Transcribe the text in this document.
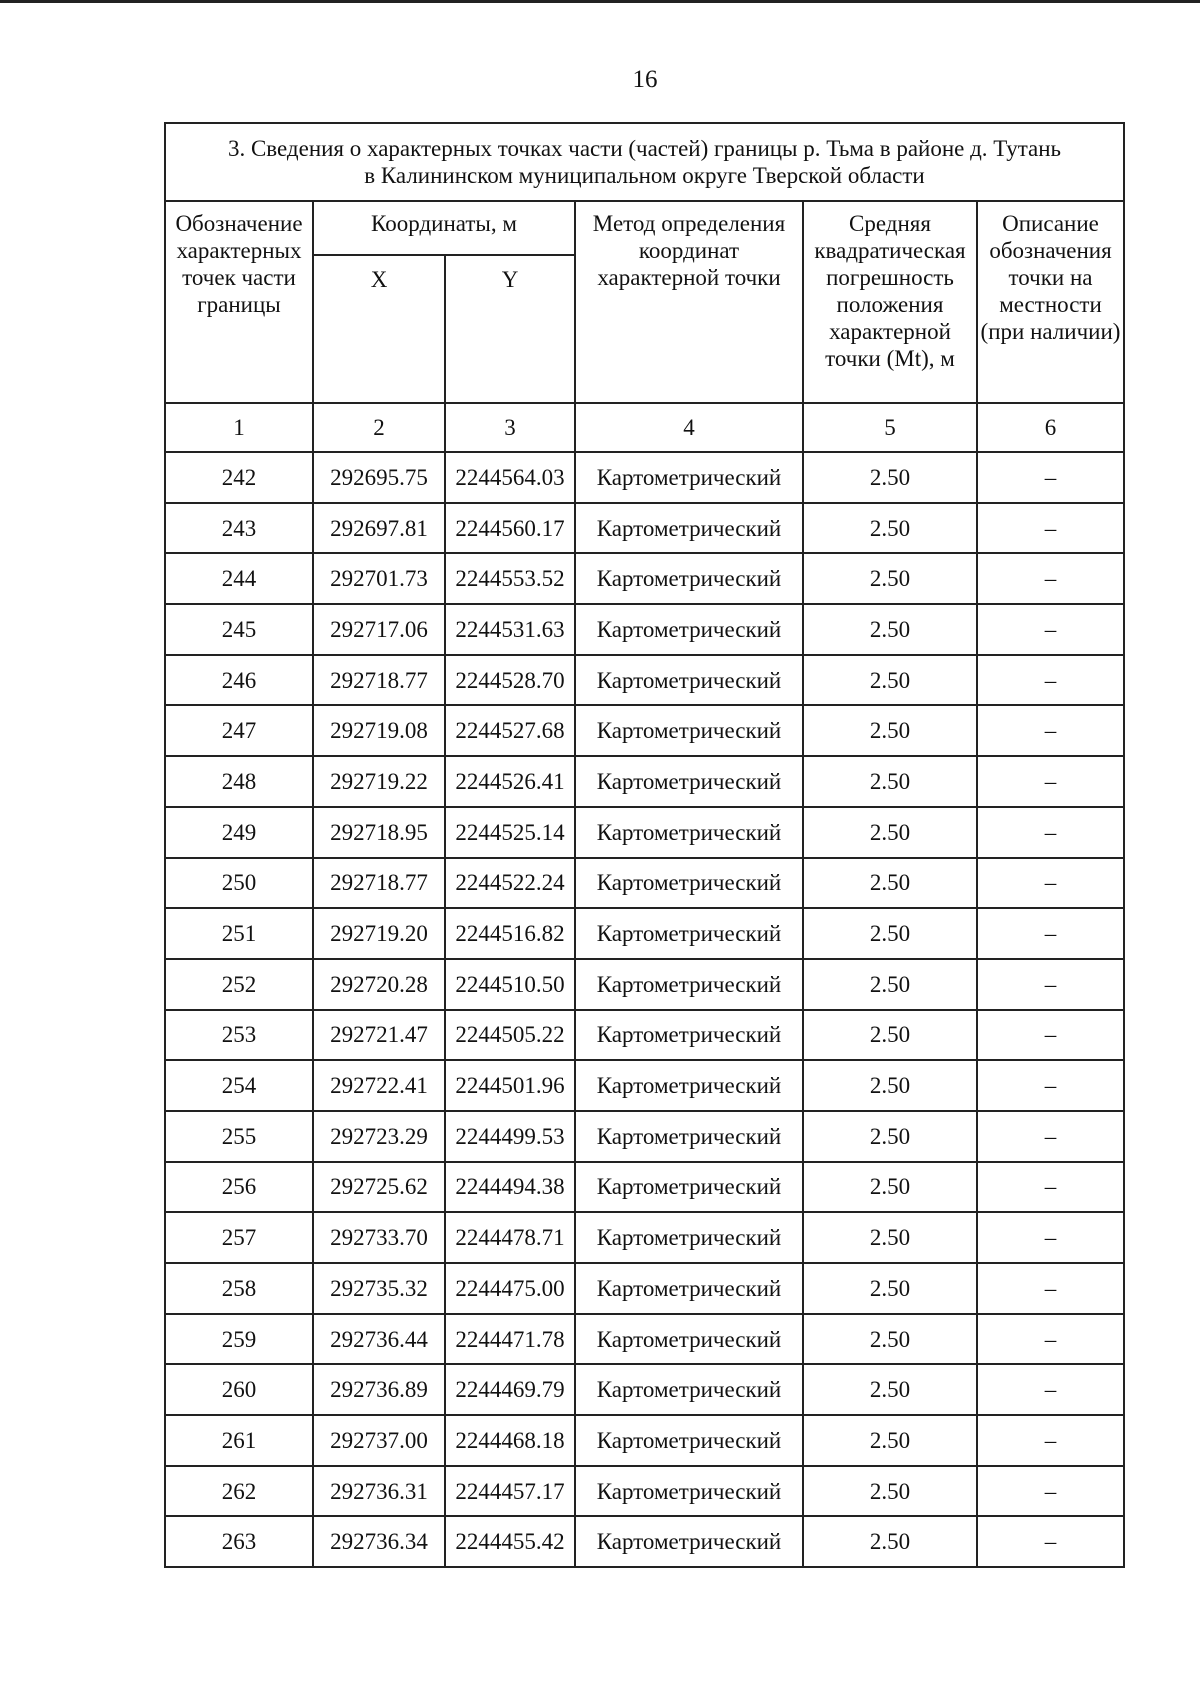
16
3. Сведения о характерных точках части (частей) границы р. Тьма в районе д. Тутань
в Калининском муниципальном округе Тверской области					

Обозначение характерных точек части границы	Координаты, м		Метод определения координат характерной точки	Средняя квадратическая погрешность положения характерной точки (Mt), м	Описание обозначения точки на местности (при наличии)
	X	Y			
1	2	3	4	5	6
242	292695.75	2244564.03	Картометрический	2.50	–
243	292697.81	2244560.17	Картометрический	2.50	–
244	292701.73	2244553.52	Картометрический	2.50	–
245	292717.06	2244531.63	Картометрический	2.50	–
246	292718.77	2244528.70	Картометрический	2.50	–
247	292719.08	2244527.68	Картометрический	2.50	–
248	292719.22	2244526.41	Картометрический	2.50	–
249	292718.95	2244525.14	Картометрический	2.50	–
250	292718.77	2244522.24	Картометрический	2.50	–
251	292719.20	2244516.82	Картометрический	2.50	–
252	292720.28	2244510.50	Картометрический	2.50	–
253	292721.47	2244505.22	Картометрический	2.50	–
254	292722.41	2244501.96	Картометрический	2.50	–
255	292723.29	2244499.53	Картометрический	2.50	–
256	292725.62	2244494.38	Картометрический	2.50	–
257	292733.70	2244478.71	Картометрический	2.50	–
258	292735.32	2244475.00	Картометрический	2.50	–
259	292736.44	2244471.78	Картометрический	2.50	–
260	292736.89	2244469.79	Картометрический	2.50	–
261	292737.00	2244468.18	Картометрический	2.50	–
262	292736.31	2244457.17	Картометрический	2.50	–
263	292736.34	2244455.42	Картометрический	2.50	–
